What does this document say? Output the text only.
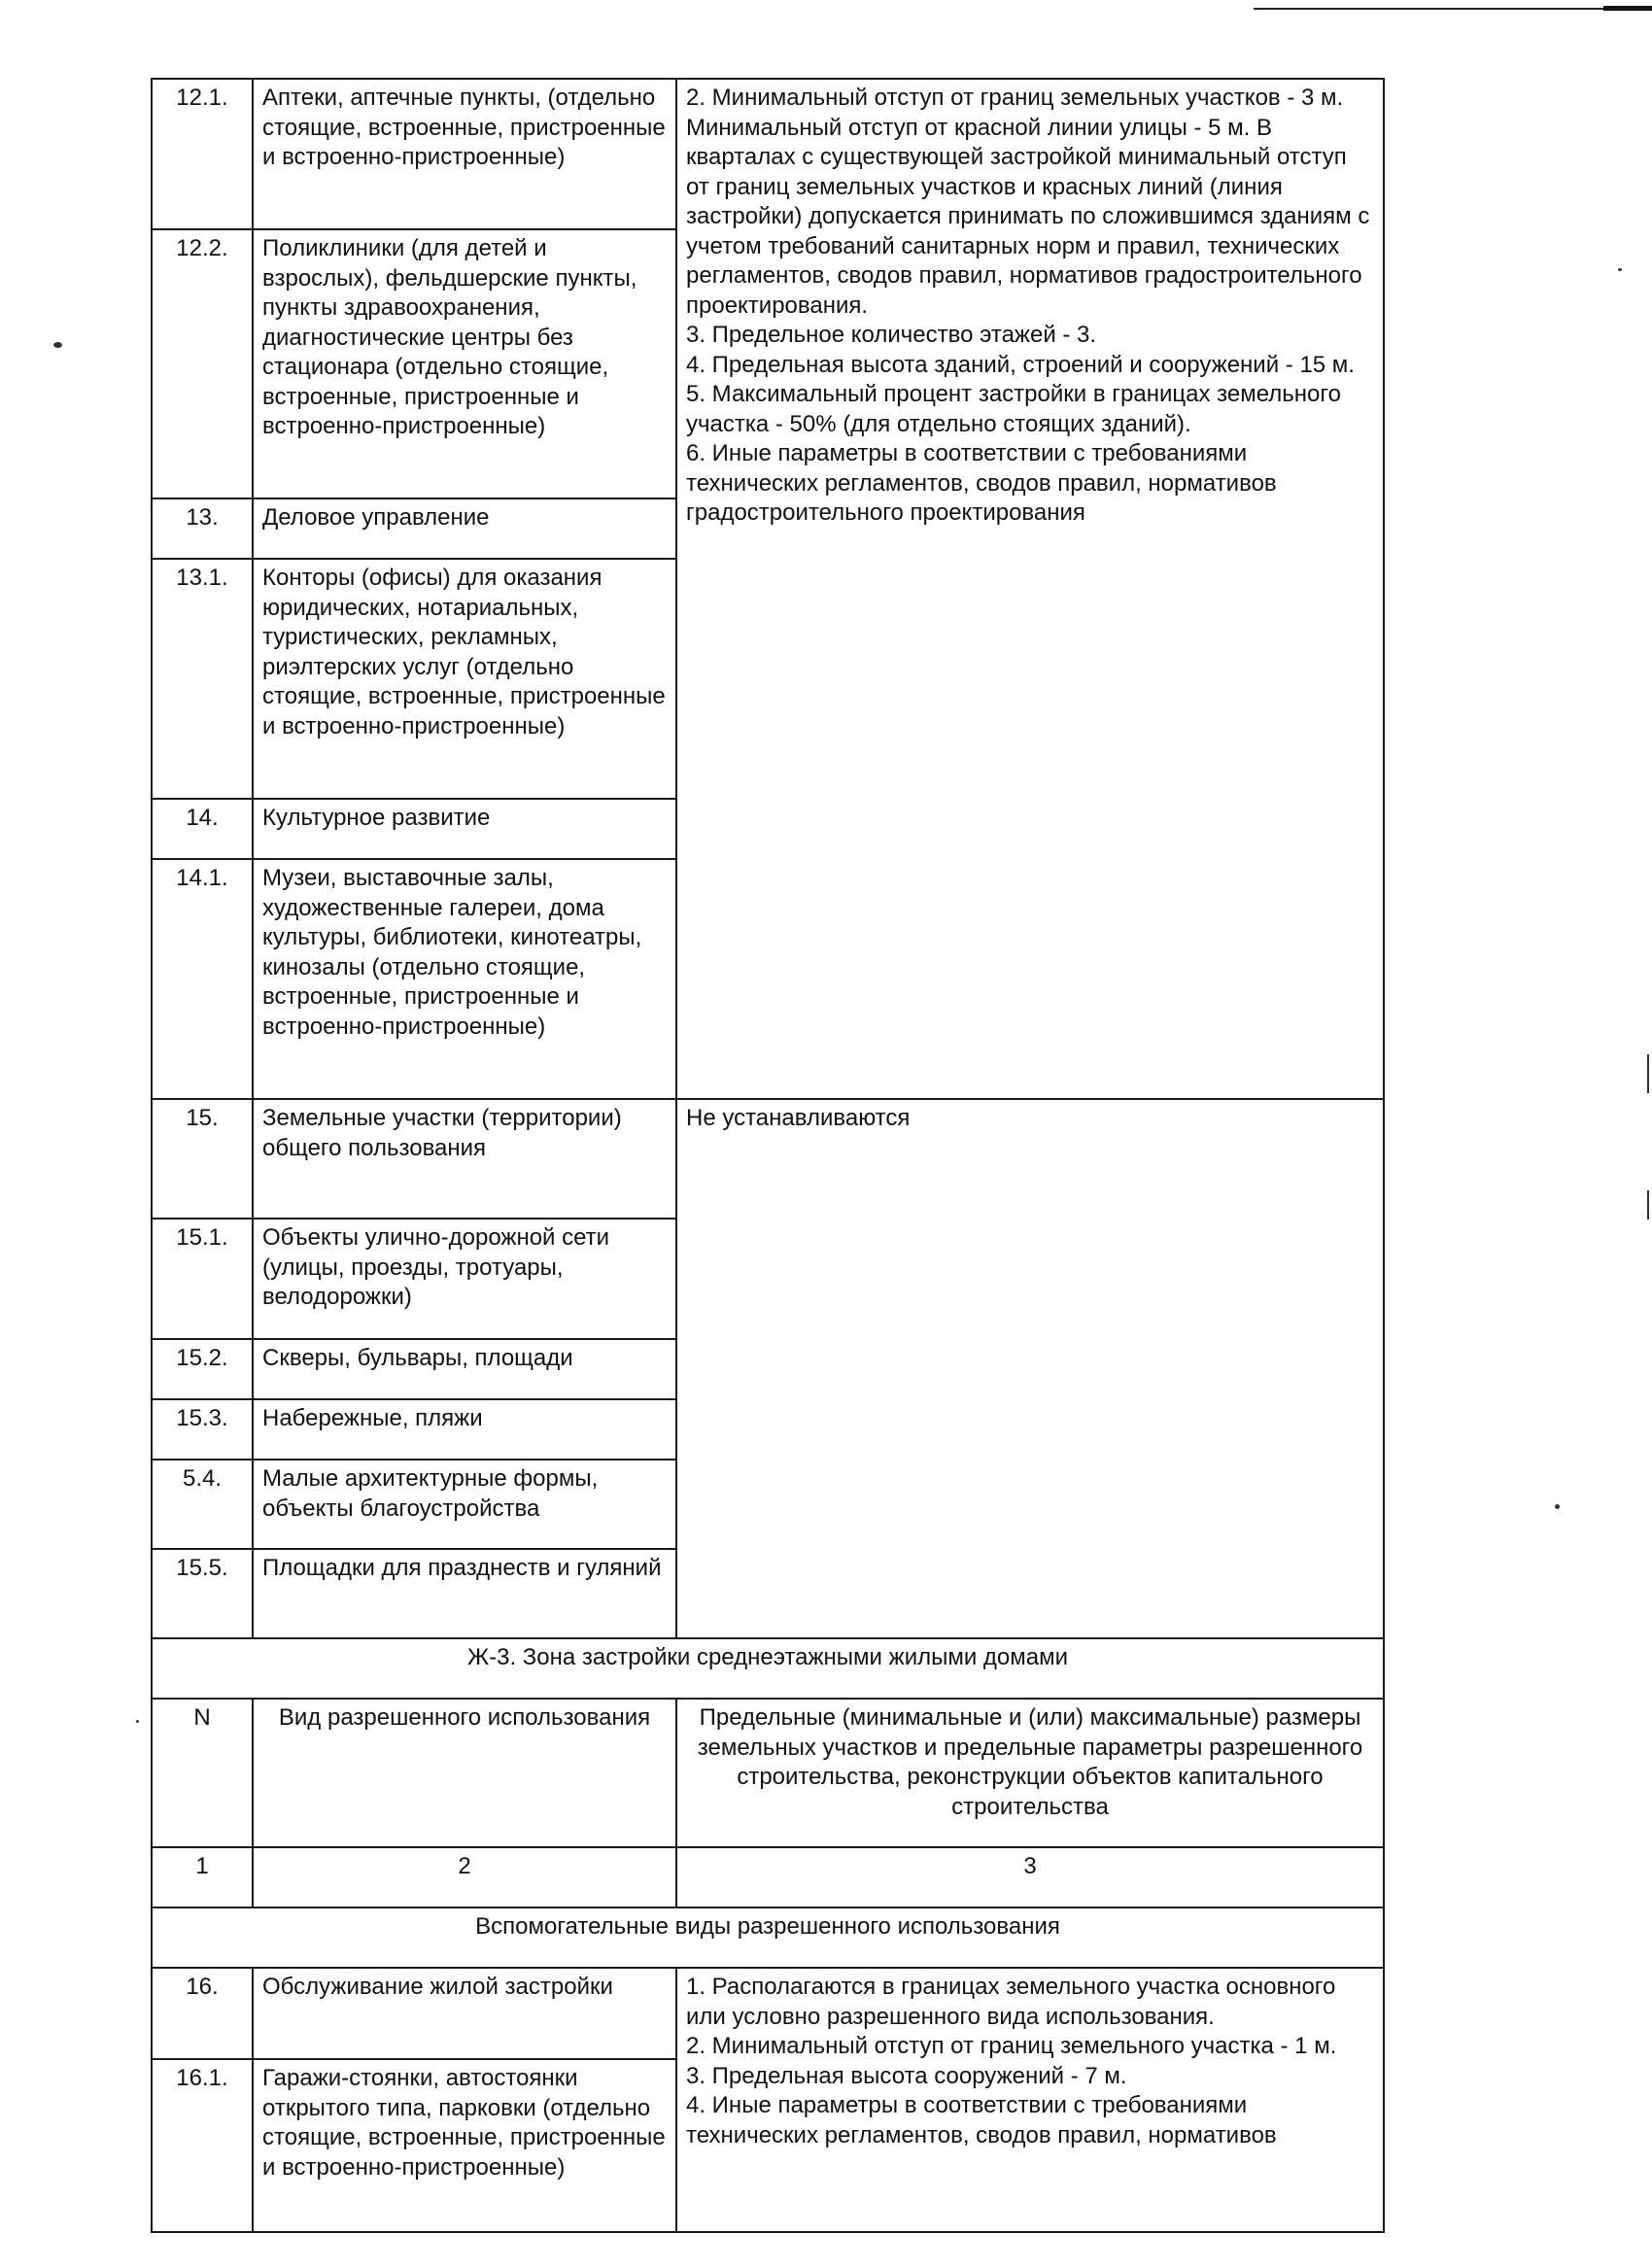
12.1.	Аптеки, аптечные пункты, (отдельно стоящие, встроенные, пристроенные и встроенно-пристроенные)	2. Минимальный отступ от границ земельных участков - 3 м. Минимальный отступ от красной линии улицы - 5 м. В кварталах с существующей застройкой минимальный отступ от границ земельных участков и красных линий (линия застройки) допускается принимать по сложившимся зданиям с учетом требований санитарных норм и правил, технических регламентов, сводов правил, нормативов градостроительного проектирования.
3. Предельное количество этажей - 3.
4. Предельная высота зданий, строений и сооружений - 15 м.
5. Максимальный процент застройки в границах земельного участка - 50% (для отдельно стоящих зданий).
6. Иные параметры в соответствии с требованиями технических регламентов, сводов правил, нормативов градостроительного проектирования
12.2.	Поликлиники (для детей и взрослых), фельдшерские пункты, пункты здравоохранения, диагностические центры без стационара (отдельно стоящие, встроенные, пристроенные и встроенно-пристроенные)	
13.	Деловое управление	
13.1.	Конторы (офисы) для оказания юридических, нотариальных, туристических, рекламных, риэлтерских услуг (отдельно стоящие, встроенные, пристроенные и встроенно-пристроенные)	
14.	Культурное развитие	
14.1.	Музеи, выставочные залы, художественные галереи, дома культуры, библиотеки, кинотеатры, кинозалы (отдельно стоящие, встроенные, пристроенные и встроенно-пристроенные)	
15.	Земельные участки (территории) общего пользования	Не устанавливаются
15.1.	Объекты улично-дорожной сети (улицы, проезды, тротуары, велодорожки)	
15.2.	Скверы, бульвары, площади	
15.3.	Набережные, пляжи	
5.4.	Малые архитектурные формы, объекты благоустройства	
15.5.	Площадки для празднеств и гуляний	
Ж-3. Зона застройки среднеэтажными жилыми домами		
N	Вид разрешенного использования	Предельные (минимальные и (или) максимальные) размеры земельных участков и предельные параметры разрешенного строительства, реконструкции объектов капитального строительства
1	2	3
Вспомогательные виды разрешенного использования		
16.	Обслуживание жилой застройки	1. Располагаются в границах земельного участка основного или условно разрешенного вида использования.
2. Минимальный отступ от границ земельного участка - 1 м.
3. Предельная высота сооружений - 7 м.
4. Иные параметры в соответствии с требованиями технических регламентов, сводов правил, нормативов
16.1.	Гаражи-стоянки, автостоянки открытого типа, парковки (отдельно стоящие, встроенные, пристроенные и встроенно-пристроенные)	
